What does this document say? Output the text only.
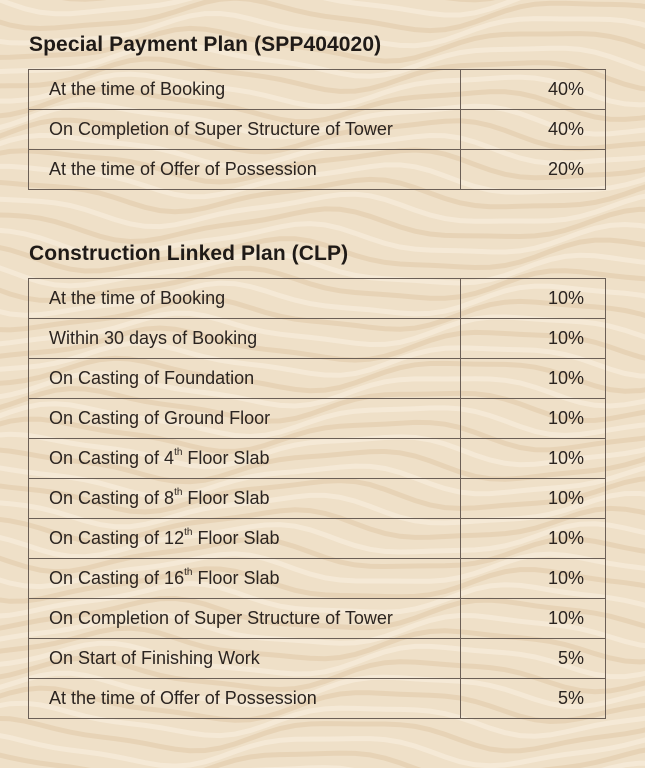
Special Payment Plan (SPP404020)
At the time of Booking	40%
On Completion of Super Structure of Tower	40%
At the time of Offer of Possession	20%
Construction Linked Plan (CLP)
At the time of Booking	10%
Within 30 days of Booking	10%
On Casting of Foundation	10%
On Casting of Ground Floor	10%
On Casting of 4th Floor Slab	10%
On Casting of 8th Floor Slab	10%
On Casting of 12th Floor Slab	10%
On Casting of 16th Floor Slab	10%
On Completion of Super Structure of Tower	10%
On Start of Finishing Work	5%
At the time of Offer of Possession	5%
